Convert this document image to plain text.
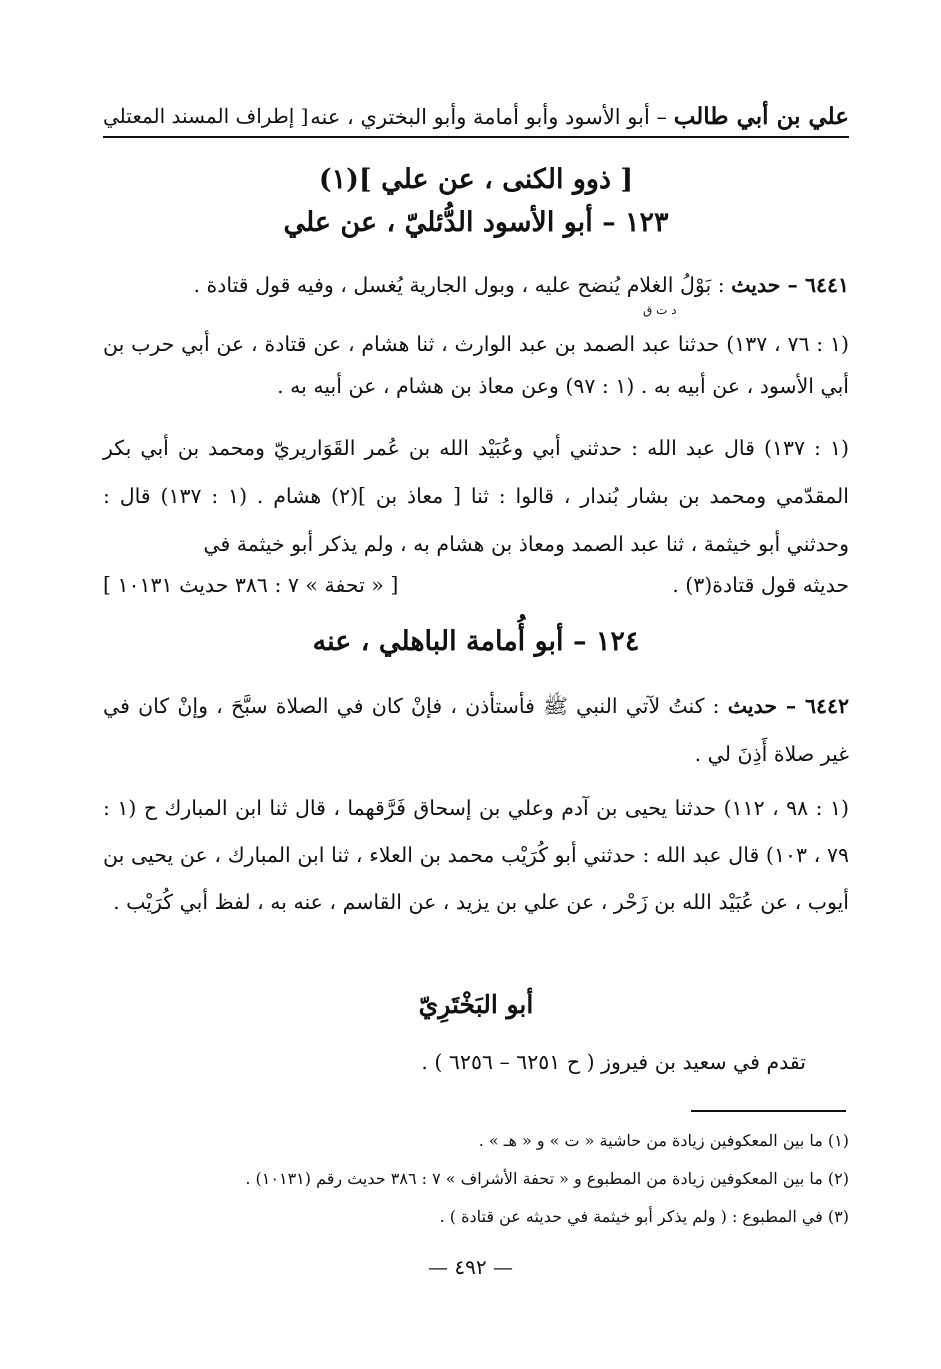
علي بن أبي طالب – أبو الأسود وأبو أمامة وأبو البختري ، عنه
[ إطراف المسند المعتلي
[ ذوو الكنى ، عن علي ](١)
١٢٣ – أبو الأسود الدُّئليّ ، عن علي
٦٤٤١ – حديث : بَوْلُ الغلام يُنضح عليه ، وبول الجارية يُغسل ، وفيه قول قتادة .
د ت ق
(١ : ٧٦ ، ١٣٧) حدثنا عبد الصمد بن عبد الوارث ، ثنا هشام ، عن قتادة ، عن أبي حرب بن أبي الأسود ، عن أبيه به . (١ : ٩٧) وعن معاذ بن هشام ، عن أبيه به .
(١ : ١٣٧) قال عبد الله : حدثني أبي وعُبَيْد الله بن عُمر القَوَاريريّ ومحمد بن أبي بكر المقدّمي ومحمد بن بشار بُندار ، قالوا : ثنا [ معاذ بن ](٢) هشام . (١ : ١٣٧) قال : وحدثني أبو خيثمة ، ثنا عبد الصمد ومعاذ بن هشام به ، ولم يذكر أبو خيثمة في
حديثه قول قتادة(٣) .
[ « تحفة » ٧ : ٣٨٦ حديث ١٠١٣١ ]
١٢٤ – أبو أُمامة الباهلي ، عنه
٦٤٤٢ – حديث : كنتُ لآتي النبي ﷺ فأستأذن ، فإنْ كان في الصلاة سبَّحَ ، وإنْ كان في غير صلاة أَذِنَ لي .
(١ : ٩٨ ، ١١٢) حدثنا يحيى بن آدم وعلي بن إسحاق فَرَّقهما ، قال ثنا ابن المبارك ح (١ : ٧٩ ، ١٠٣) قال عبد الله : حدثني أبو كُرَيْب محمد بن العلاء ، ثنا ابن المبارك ، عن يحيى بن أيوب ، عن عُبَيْد الله بن زَحْر ، عن علي بن يزيد ، عن القاسم ، عنه به ، لفظ أبي كُرَيْب .
أبو البَخْتَرِيّ
تقدم في سعيد بن فيروز ( ح ٦٢٥١ – ٦٢٥٦ ) .
(١) ما بين المعكوفين زيادة من حاشية « ت » و « هـ » .
(٢) ما بين المعكوفين زيادة من المطبوع و « تحفة الأشراف » ٧ : ٣٨٦ حديث رقم (١٠١٣١) .
(٣) في المطبوع : ( ولم يذكر أبو خيثمة في حديثه عن قتادة ) .
— ٤٩٢ —
